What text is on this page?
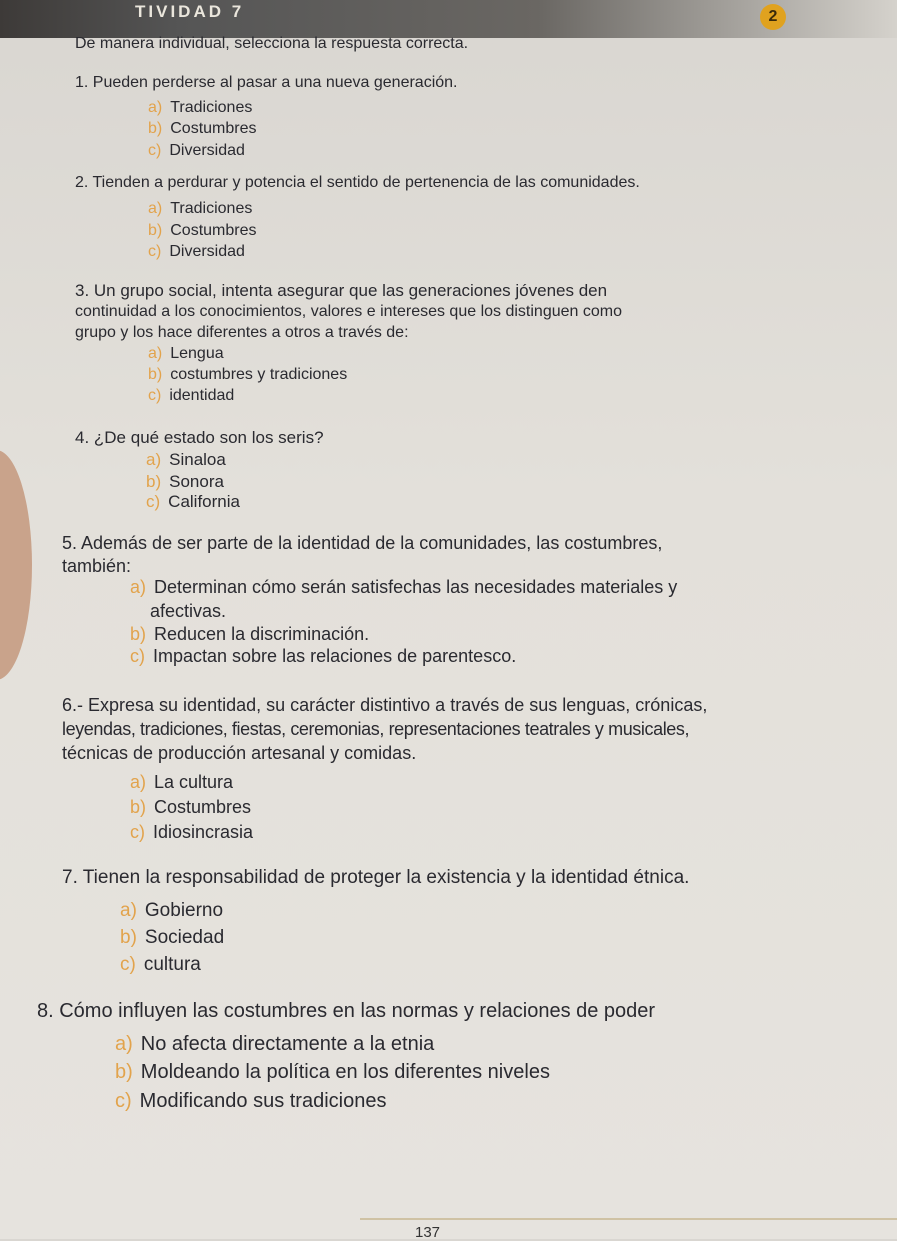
TIVIDAD 7	2
De manera individual, selecciona la respuesta correcta.
1. Pueden perderse al pasar a una nueva generación.
a) Tradiciones
b) Costumbres
c) Diversidad
2. Tienden a perdurar y potencia el sentido de pertenencia de las comunidades.
a) Tradiciones
b) Costumbres
c) Diversidad
3. Un grupo social, intenta asegurar que las generaciones jóvenes den
continuidad a los conocimientos, valores e intereses que los distinguen como
grupo y los hace diferentes a otros a través de:
a) Lengua
b) costumbres y tradiciones
c) identidad
4. ¿De qué estado son los seris?
a) Sinaloa
b) Sonora
c) California
5. Además de ser parte de la identidad de la comunidades, las costumbres,
también:
a) Determinan cómo serán satisfechas las necesidades materiales y
afectivas.
b) Reducen la discriminación.
c) Impactan sobre las relaciones de parentesco.
6.- Expresa su identidad, su carácter distintivo a través de sus lenguas, crónicas,
leyendas, tradiciones, fiestas, ceremonias, representaciones teatrales y musicales,
técnicas de producción artesanal y comidas.
a) La cultura
b) Costumbres
c) Idiosincrasia
7. Tienen la responsabilidad de proteger la existencia y la identidad étnica.
a) Gobierno
b) Sociedad
c) cultura
8. Cómo influyen las costumbres en las normas y relaciones de poder
a) No afecta directamente a la etnia
b) Moldeando la política en los diferentes niveles
c) Modificando sus tradiciones
137
